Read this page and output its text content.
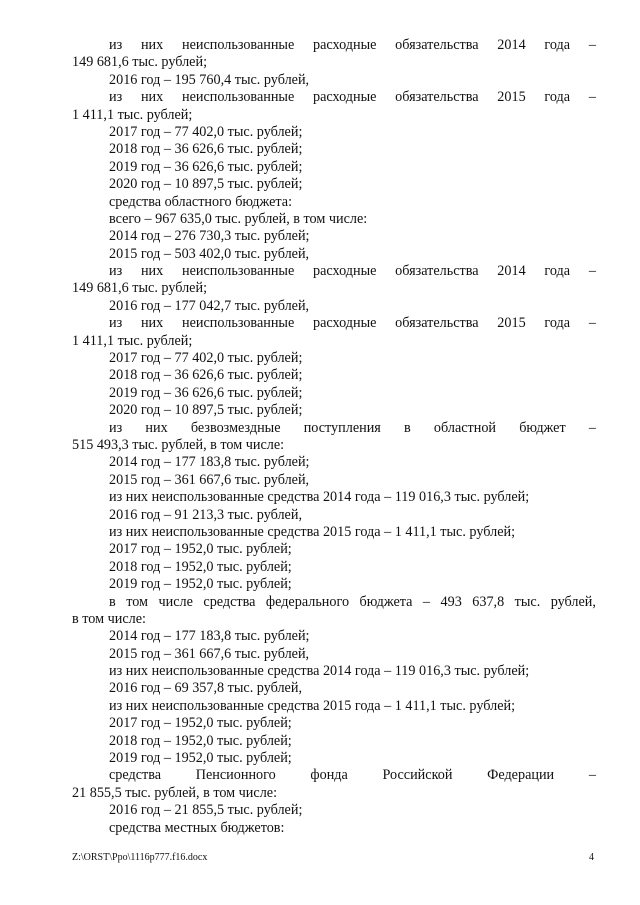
из них неиспользованные расходные обязательства 2014 года –
149 681,6 тыс. рублей;
2016 год – 195 760,4 тыс. рублей,
из них неиспользованные расходные обязательства 2015 года –
1 411,1 тыс. рублей;
2017 год – 77 402,0 тыс. рублей;
2018 год – 36 626,6 тыс. рублей;
2019 год – 36 626,6 тыс. рублей;
2020 год – 10 897,5 тыс. рублей;
средства областного бюджета:
всего – 967 635,0 тыс. рублей, в том числе:
2014 год – 276 730,3 тыс. рублей;
2015 год – 503 402,0 тыс. рублей,
из них неиспользованные расходные обязательства 2014 года –
149 681,6 тыс. рублей;
2016 год – 177 042,7 тыс. рублей,
из них неиспользованные расходные обязательства 2015 года –
1 411,1 тыс. рублей;
2017 год – 77 402,0 тыс. рублей;
2018 год – 36 626,6 тыс. рублей;
2019 год – 36 626,6 тыс. рублей;
2020 год – 10 897,5 тыс. рублей;
из них безвозмездные поступления в областной бюджет –
515 493,3 тыс. рублей, в том числе:
2014 год – 177 183,8 тыс. рублей;
2015 год – 361 667,6 тыс. рублей,
из них неиспользованные средства 2014 года – 119 016,3 тыс. рублей;
2016 год – 91 213,3 тыс. рублей,
из них неиспользованные средства 2015 года – 1 411,1 тыс. рублей;
2017 год – 1952,0 тыс. рублей;
2018 год – 1952,0 тыс. рублей;
2019 год – 1952,0 тыс. рублей;
в том числе средства федерального бюджета – 493 637,8 тыс. рублей,
в том числе:
2014 год – 177 183,8 тыс. рублей;
2015 год – 361 667,6 тыс. рублей,
из них неиспользованные средства 2014 года – 119 016,3 тыс. рублей;
2016 год – 69 357,8 тыс. рублей,
из них неиспользованные средства 2015 года – 1 411,1 тыс. рублей;
2017 год – 1952,0 тыс. рублей;
2018 год – 1952,0 тыс. рублей;
2019 год – 1952,0 тыс. рублей;
средства Пенсионного фонда Российской Федерации –
21 855,5 тыс. рублей, в том числе:
2016 год – 21 855,5 тыс. рублей;
средства местных бюджетов:
Z:\ORST\Ppo\1116p777.f16.docx	4
